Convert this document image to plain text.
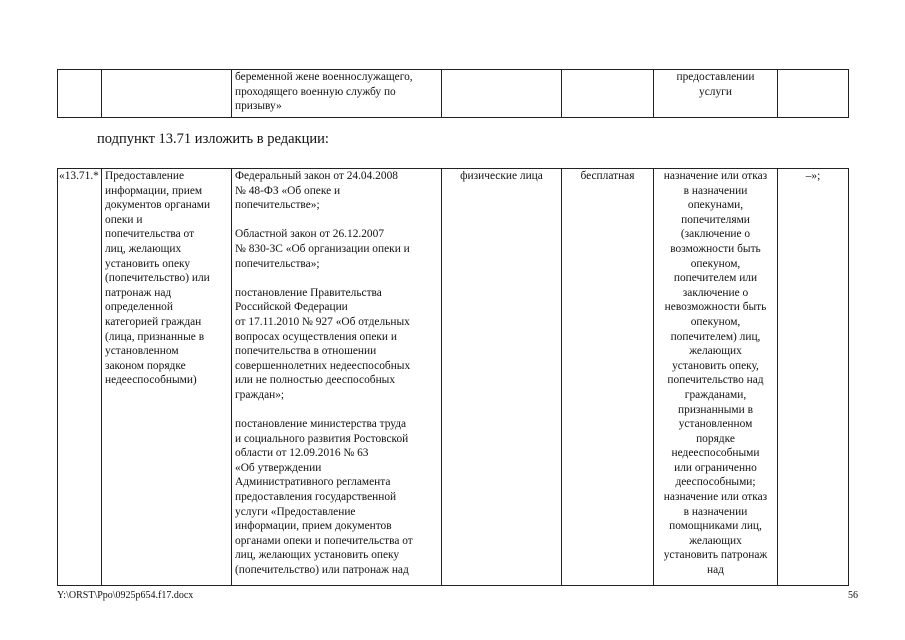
		беременной жене военнослужащего,
проходящего военную службу по
призыву»			предоставлении
услуги	
подпункт 13.71 изложить в редакции:
«13.71.*	Предоставление
информации, прием
документов органами
опеки и
попечительства от
лиц, желающих
установить опеку
(попечительство) или
патронаж над
определенной
категорией граждан
(лица, признанные в
установленном
законом порядке
недееспособными)	Федеральный закон от 24.04.2008
№ 48-ФЗ «Об опеке и
попечительстве»;

Областной закон от 26.12.2007
№ 830-ЗС «Об организации опеки и
попечительства»;

постановление Правительства
Российской Федерации
от 17.11.2010 № 927 «Об отдельных
вопросах осуществления опеки и
попечительства в отношении
совершеннолетних недееспособных
или не полностью дееспособных
граждан»;

постановление министерства труда
и социального развития Ростовской
области от 12.09.2016 № 63
«Об утверждении
Административного регламента
предоставления государственной
услуги «Предоставление
информации, прием документов
органами опеки и попечительства от
лиц, желающих установить опеку
(попечительство) или патронаж над	физические лица	бесплатная	назначение или отказ
в назначении
опекунами,
попечителями
(заключение о
возможности быть
опекуном,
попечителем или
заключение о
невозможности быть
опекуном,
попечителем) лиц,
желающих
установить опеку,
попечительство над
гражданами,
признанными в
установленном
порядке
недееспособными
или ограниченно
дееспособными;
назначение или отказ
в назначении
помощниками лиц,
желающих
установить патронаж
над	–»;
Y:\ORST\Ppo\0925p654.f17.docx	56
